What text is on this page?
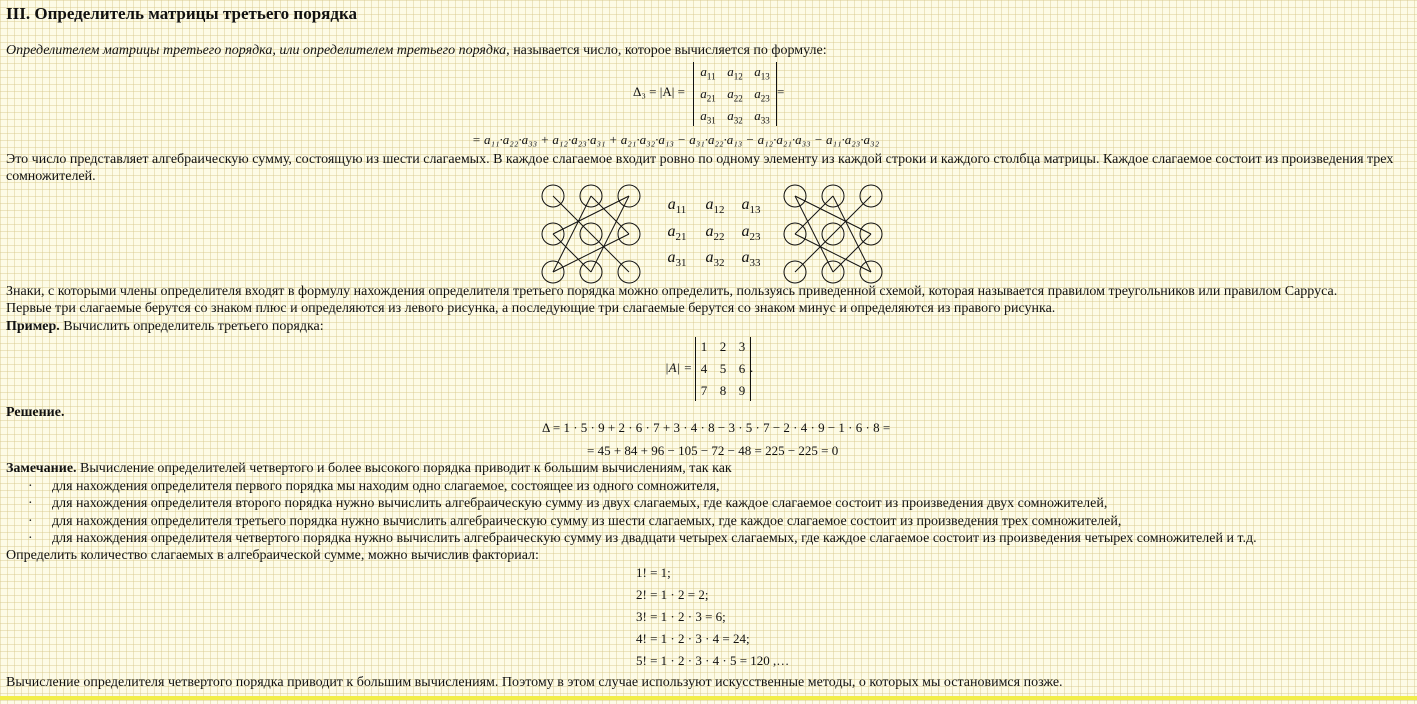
III. Определитель матрицы третьего порядка
Определителем матрицы третьего порядка, или определителем третьего порядка, называется число, которое вычисляется по формуле:
Δ₃ = |A| =
$a_{11}$ $a_{12}$ $a_{13}$
$a_{21}$ $a_{22}$ $a_{23}$
$a_{31}$ $a_{32}$ $a_{33}$
=
= a₁₁·a₂₂·a₃₃ + a₁₂·a₂₃·a₃₁ + a₂₁·a₃₂·a₁₃ − a₃₁·a₂₂·a₁₃ − a₁₂·a₂₁·a₃₃ − a₁₁·a₂₃·a₃₂
Это число представляет алгебраическую сумму, состоящую из шести слагаемых. В каждое слагаемое входит ровно по одному элементу из каждой строки и каждого столбца матрицы. Каждое слагаемое состоит из произведения трех сомножителей.
$a_{11}$	$a_{12}$	$a_{13}$
$a_{21}$	$a_{22}$	$a_{23}$
$a_{31}$	$a_{32}$	$a_{33}$
Знаки, с которыми члены определителя входят в формулу нахождения определителя третьего порядка можно определить, пользуясь приведенной схемой, которая называется правилом треугольников или правилом Сарруса.
Первые три слагаемые берутся со знаком плюс и определяются из левого рисунка, а последующие три слагаемые берутся со знаком минус и определяются из правого рисунка.
Пример. Вычислить определитель третьего порядка:
|A| =
1 2 3
4 5 6
7 8 9
.
Решение.
Δ = 1 · 5 · 9 + 2 · 6 · 7 + 3 · 4 · 8 − 3 · 5 · 7 − 2 · 4 · 9 − 1 · 6 · 8 =
= 45 + 84 + 96 − 105 − 72 − 48 = 225 − 225 = 0
Замечание. Вычисление определителей четвертого и более высокого порядка приводит к большим вычислениям, так как
· для нахождения определителя первого порядка мы находим одно слагаемое, состоящее из одного сомножителя,
· для нахождения определителя второго порядка нужно вычислить алгебраическую сумму из двух слагаемых, где каждое слагаемое состоит из произведения двух сомножителей,
· для нахождения определителя третьего порядка нужно вычислить алгебраическую сумму из шести слагаемых, где каждое слагаемое состоит из произведения трех сомножителей,
· для нахождения определителя четвертого порядка нужно вычислить алгебраическую сумму из двадцати четырех слагаемых, где каждое слагаемое состоит из произведения четырех сомножителей и т.д.
Определить количество слагаемых в алгебраической сумме, можно вычислив факториал:
1! = 1;
2! = 1 · 2 = 2;
3! = 1 · 2 · 3 = 6;
4! = 1 · 2 · 3 · 4 = 24;
5! = 1 · 2 · 3 · 4 · 5 = 120 ,…
Вычисление определителя четвертого порядка приводит к большим вычислениям. Поэтому в этом случае используют искусственные методы, о которых мы остановимся позже.
